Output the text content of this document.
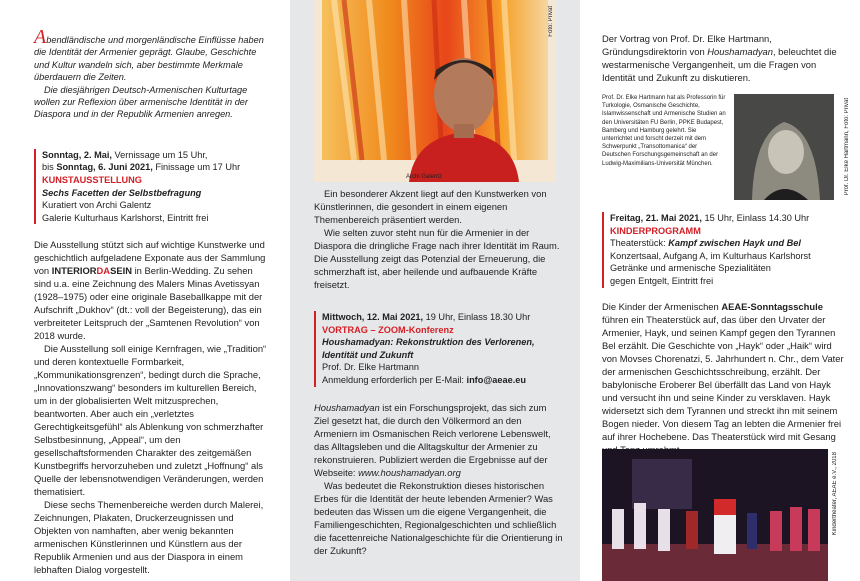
Abendländische und morgenländische Einflüsse haben die Identität der Armenier geprägt. Glaube, Geschichte und Kultur wandeln sich, aber bestimmte Merkmale überdauern die Zeiten.

Die diesjährigen Deutsch-Armenischen Kulturtage wollen zur Reflexion über armenische Identität in der Diaspora und in der Republik Armenien anregen.

Sonntag, 2. Mai, Vernissage um 15 Uhr,

bis Sonntag, 6. Juni 2021, Finissage um 17 Uhr

KUNSTAUSSTELLUNG

Sechs Facetten der Selbstbefragung

Kuratiert von Archi Galentz

Galerie Kulturhaus Karlshorst, Eintritt frei

Die Ausstellung stützt sich auf wichtige Kunstwerke und geschichtlich aufgeladene Exponate aus der Sammlung von INTERIORDASEIN in Berlin-Wedding. Zu sehen sind u.a. eine Zeichnung des Malers Minas Avetissyan (1928–1975) oder eine originale Baseballkappe mit der Aufschrift „Dukhov“ (dt.: voll der Begeisterung), das ein verbreiteter Leitspruch der „Samtenen Revolution“ von 2018 wurde.

Die Ausstellung soll einige Kernfragen, wie „Tradition“ und deren kontextuelle Formbarkeit, „Kommunikationsgrenzen“, bedingt durch die Sprache, „Innovationszwang“ besonders im kulturellen Bereich, um in der globalisierten Welt mitzusprechen, beantworten. Aber auch ein „verletztes Gerechtigkeitsgefühl“ als Ablenkung von schmerzhafter Selbstbesinnung, „Appeal“, um den gesellschaftsformenden Charakter des zeitgemäßen Kunstbegriffs hervorzuheben und zuletzt „Hoffnung“ als Quelle der lebensnotwendigen Veränderungen, werden thematisiert.

Diese sechs Themenbereiche werden durch Malerei, Zeichnungen, Plakaten, Druckerzeugnissen und Objekten von namhaften, aber wenig bekannten armenischen Künstlerinnen und Künstlern aus der Republik Armenien und aus der Diaspora in einem lebhaften Dialog vorgestellt.

Foto: Privat
Archi Galentz

Ein besonderer Akzent liegt auf den Kunstwerken von Künstlerinnen, die gesondert in einem eigenen Themenbereich präsentiert werden.

Wie selten zuvor steht nun für die Armenier in der Diaspora die dringliche Frage nach ihrer Identität im Raum. Die Ausstellung zeigt das Potenzial der Erneuerung, die schmerzhaft ist, aber heilende und aufbauende Kräfte freisetzt.

Mittwoch, 12. Mai 2021, 19 Uhr, Einlass 18.30 Uhr

VORTRAG – ZOOM-Konferenz

Houshamadyan: Rekonstruktion des Verlorenen, Identität und Zukunft

Prof. Dr. Elke Hartmann

Anmeldung erforderlich per E-Mail: info@aeae.eu

Houshamadyan ist ein Forschungsprojekt, das sich zum Ziel gesetzt hat, die durch den Völkermord an den Armeniern im Osmanischen Reich verlorene Lebenswelt, das Alltagsleben und die Alltagskultur der Armenier zu rekonstruieren. Publiziert werden die Ergebnisse auf der Webseite: www.houshamadyan.org

Was bedeutet die Rekonstruktion dieses historischen Erbes für die Identität der heute lebenden Armenier? Was bedeuten das Wissen um die eigene Vergangenheit, die Familiengeschichten, Regionalgeschichten und schließlich die facettenreiche Nationalgeschichte für die Orientierung in der Zukunft?

Der Vortrag von Prof. Dr. Elke Hartmann, Gründungsdirektorin von Houshamadyan, beleuchtet die westarmenische Vergangenheit, um die Fragen von Identität und Zukunft zu diskutieren.

Prof. Dr. Elke Hartmann hat als Professorin für Turkologie, Osmanische Geschichte, Islamwissenschaft und Armenische Studien an den Universitäten FU Berlin, PPKE Budapest, Bamberg und Hamburg gelehrt. Sie unterrichtet und forscht derzeit mit dem Schwerpunkt „Transottomanica“ der Deutschen Forschungsgemeinschaft an der Ludwig-Maximilians-Universität München.	Prof. Dr. Elke Hartmann, Foto: Privat

Freitag, 21. Mai 2021, 15 Uhr, Einlass 14.30 Uhr

KINDERPROGRAMM

Theaterstück: Kampf zwischen Hayk und Bel

Konzertsaal, Aufgang A, im Kulturhaus Karlshorst

Getränke und armenische Spezialitäten

gegen Entgelt, Eintritt frei

Die Kinder der Armenischen AEAE-Sonntagsschule führen ein Theaterstück auf, das über den Urvater der Armenier, Hayk, und seinen Kampf gegen den Tyrannen Bel erzählt. Die Geschichte von „Hayk“ oder „Haik“ wird von Movses Chorenatzi, 5. Jahrhundert n. Chr., dem Vater der armenischen Geschichtsschreibung, erzählt. Der babylonische Eroberer Bel überfällt das Land von Hayk und versucht ihn und seine Kinder zu versklaven. Hayk widersetzt sich dem Tyrannen und streckt ihn mit seinem Bogen nieder. Von diesem Tag an lebten die Armenier frei auf ihrer Hochebene. Das Theaterstück wird mit Gesang

Kindertheater, AEAE e.V., 2018
